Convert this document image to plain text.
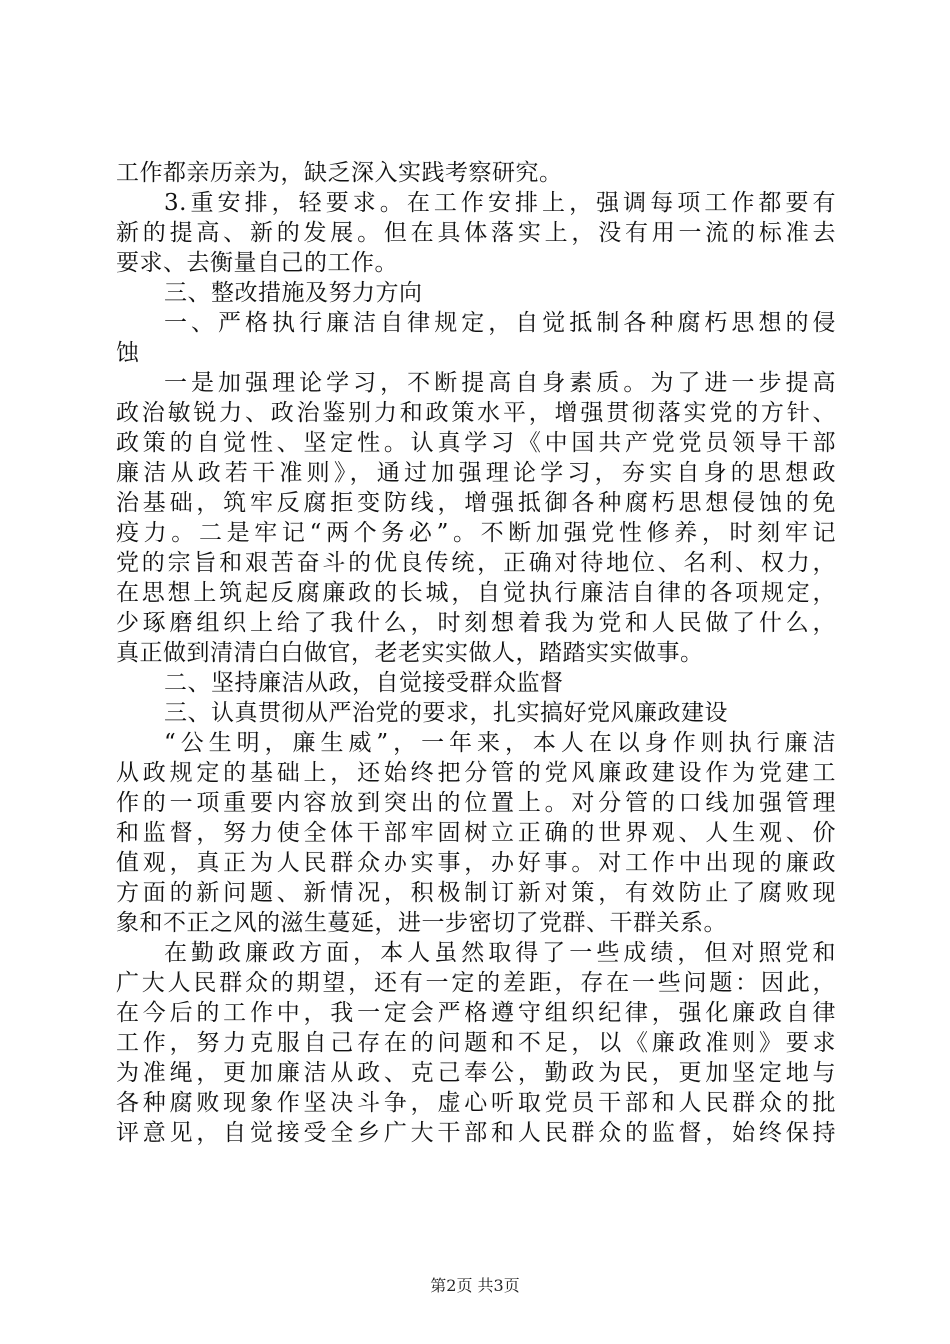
工作都亲历亲为，缺乏深入实践考察研究。
3.重安排，轻要求。在工作安排上，强调每项工作都要有
新的提高、新的发展。但在具体落实上，没有用一流的标准去
要求、去衡量自己的工作。
三、整改措施及努力方向
一、严格执行廉洁自律规定，自觉抵制各种腐朽思想的侵
蚀
一是加强理论学习，不断提高自身素质。为了进一步提高
政治敏锐力、政治鉴别力和政策水平，增强贯彻落实党的方针、
政策的自觉性、坚定性。认真学习《中国共产党党员领导干部
廉洁从政若干准则》，通过加强理论学习，夯实自身的思想政
治基础，筑牢反腐拒变防线，增强抵御各种腐朽思想侵蚀的免
疫力。二是牢记“两个务必”。不断加强党性修养，时刻牢记
党的宗旨和艰苦奋斗的优良传统，正确对待地位、名利、权力，
在思想上筑起反腐廉政的长城，自觉执行廉洁自律的各项规定，
少琢磨组织上给了我什么，时刻想着我为党和人民做了什么，
真正做到清清白白做官，老老实实做人，踏踏实实做事。
二、坚持廉洁从政，自觉接受群众监督
三、认真贯彻从严治党的要求，扎实搞好党风廉政建设
“公生明，廉生威”，一年来，本人在以身作则执行廉洁
从政规定的基础上，还始终把分管的党风廉政建设作为党建工
作的一项重要内容放到突出的位置上。对分管的口线加强管理
和监督，努力使全体干部牢固树立正确的世界观、人生观、价
值观，真正为人民群众办实事，办好事。对工作中出现的廉政
方面的新问题、新情况，积极制订新对策，有效防止了腐败现
象和不正之风的滋生蔓延，进一步密切了党群、干群关系。
在勤政廉政方面，本人虽然取得了一些成绩，但对照党和
广大人民群众的期望，还有一定的差距，存在一些问题：因此，
在今后的工作中，我一定会严格遵守组织纪律，强化廉政自律
工作，努力克服自己存在的问题和不足，以《廉政准则》要求
为准绳，更加廉洁从政、克己奉公，勤政为民，更加坚定地与
各种腐败现象作坚决斗争，虚心听取党员干部和人民群众的批
评意见，自觉接受全乡广大干部和人民群众的监督，始终保持
第2页 共3页
